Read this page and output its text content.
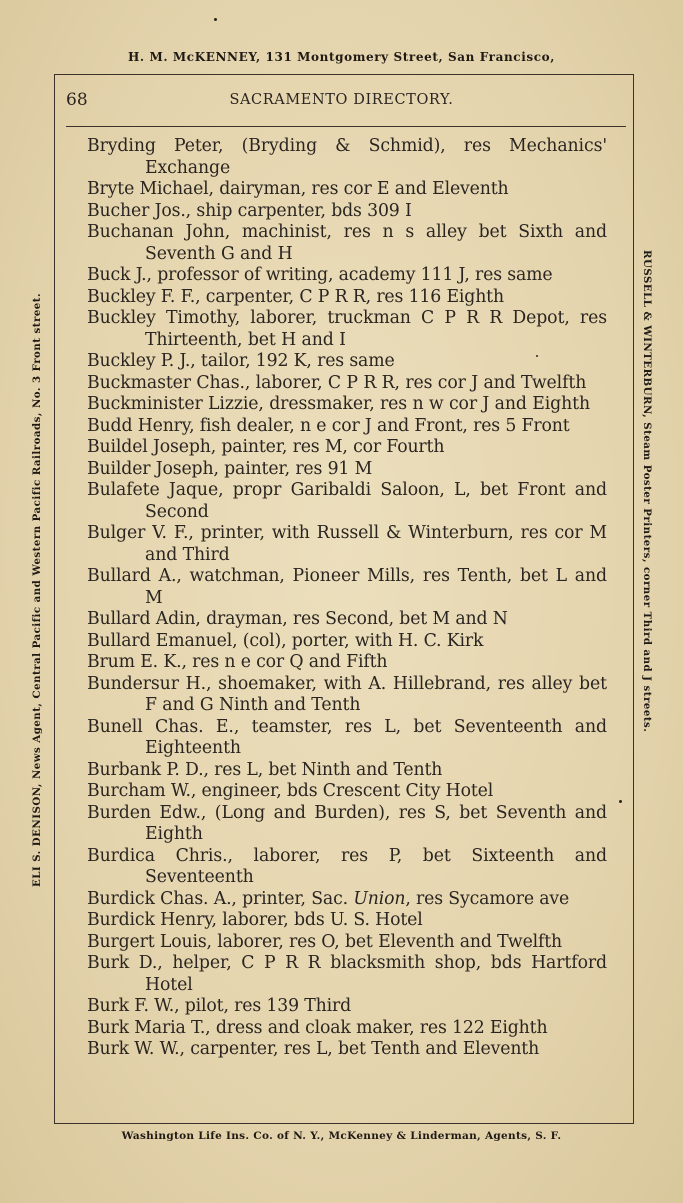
H. M. McKENNEY, 131 Montgomery Street, San Francisco,
ELI S. DENISON, News Agent, Central Pacific and Western Pacific Railroads, No. 3 Front street.	RUSSELL & WINTERBURN, Steam Poster Printers, corner Third and J streets.
68	SACRAMENTO DIRECTORY.
Bryding Peter, (Bryding & Schmid), res Mechanics' Exchange
Bryte Michael, dairyman, res cor E and Eleventh
Bucher Jos., ship carpenter, bds 309 I
Buchanan John, machinist, res n s alley bet Sixth and Seventh G and H
Buck J., professor of writing, academy 111 J, res same
Buckley F. F., carpenter, C P R R, res 116 Eighth
Buckley Timothy, laborer, truckman C P R R Depot, res Thirteenth, bet H and I
Buckley P. J., tailor, 192 K, res same
Buckmaster Chas., laborer, C P R R, res cor J and Twelfth
Buckminister Lizzie, dressmaker, res n w cor J and Eighth
Budd Henry, fish dealer, n e cor J and Front, res 5 Front
Buildel Joseph, painter, res M, cor Fourth
Builder Joseph, painter, res 91 M
Bulafete Jaque, propr Garibaldi Saloon, L, bet Front and Second
Bulger V. F., printer, with Russell & Winterburn, res cor M and Third
Bullard A., watchman, Pioneer Mills, res Tenth, bet L and M
Bullard Adin, drayman, res Second, bet M and N
Bullard Emanuel, (col), porter, with H. C. Kirk
Brum E. K., res n e cor Q and Fifth
Bundersur H., shoemaker, with A. Hillebrand, res alley bet F and G Ninth and Tenth
Bunell Chas. E., teamster, res L, bet Seventeenth and Eighteenth
Burbank P. D., res L, bet Ninth and Tenth
Burcham W., engineer, bds Crescent City Hotel
Burden Edw., (Long and Burden), res S, bet Seventh and Eighth
Burdica Chris., laborer, res P, bet Sixteenth and Seventeenth
Burdick Chas. A., printer, Sac. Union, res Sycamore ave
Burdick Henry, laborer, bds U. S. Hotel
Burgert Louis, laborer, res O, bet Eleventh and Twelfth
Burk D., helper, C P R R blacksmith shop, bds Hartford Hotel
Burk F. W., pilot, res 139 Third
Burk Maria T., dress and cloak maker, res 122 Eighth
Burk W. W., carpenter, res L, bet Tenth and Eleventh
Washington Life Ins. Co. of N. Y., McKenney & Linderman, Agents, S. F.
